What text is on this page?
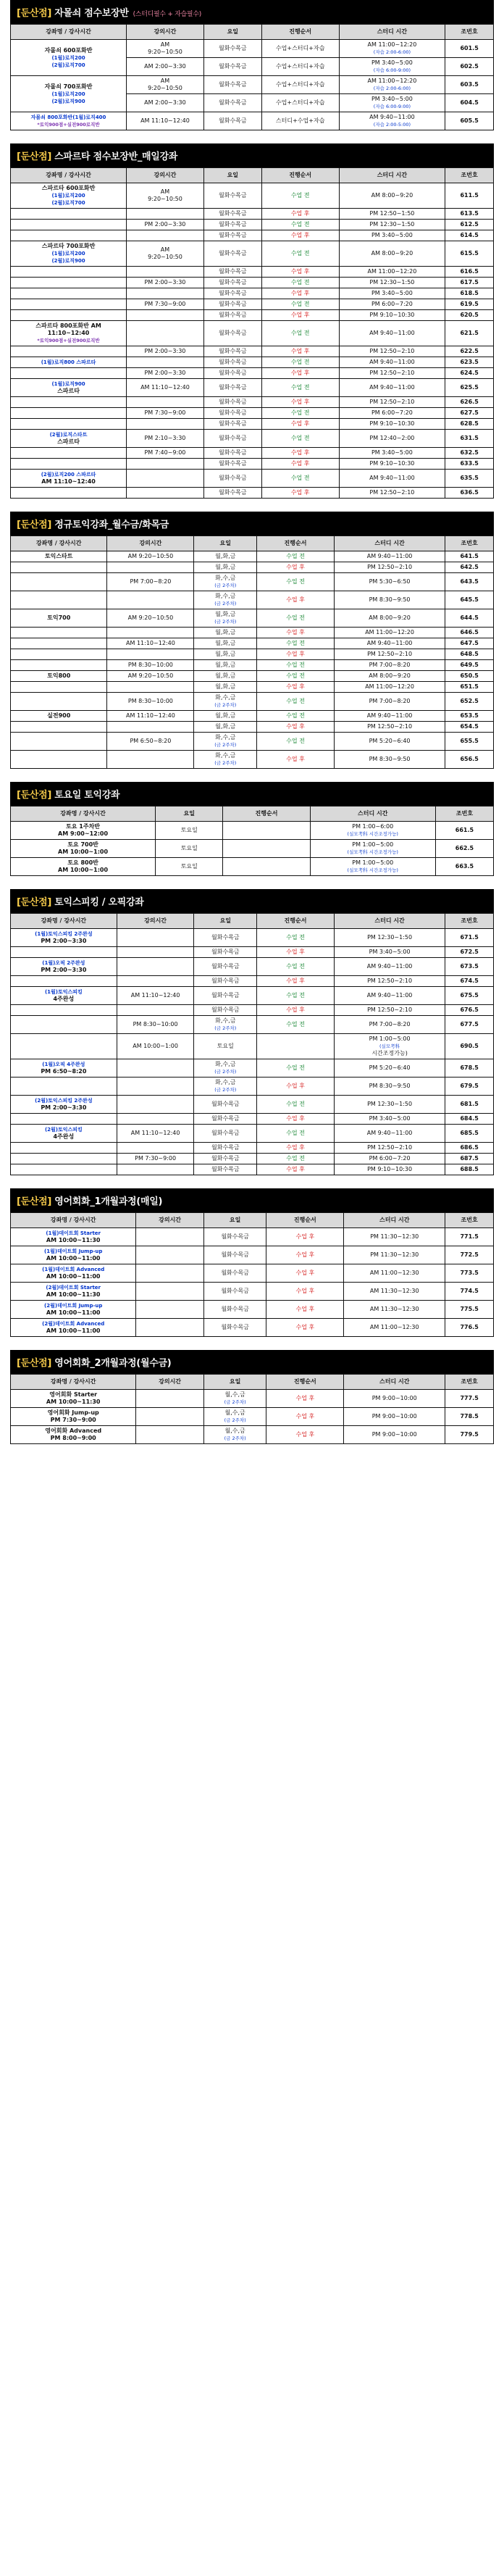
[둔산점] 자몰쇠 점수보장반 (스터디필수 + 자습필수)
강좌명 / 강사시간	강의시간	요일	진행순서	스터디 시간	조번호
자몰쇠 600포화반
(1월)로직200
(2월)로직700	AM
9:20~10:50	월화수목금	수업+스터디+자습	AM 11:00~12:20
(자습 2:00-6:00)	601.5
	AM 2:00~3:30	월화수목금	수업+스터디+자습	PM 3:40~5:00
(자습 6:00-9:00)	602.5
자몰쇠 700포화반
(1월)로직200
(2월)로직900	AM
9:20~10:50	월화수목금	수업+스터디+자습	AM 11:00~12:20
(자습 2:00-6:00)	603.5
	AM 2:00~3:30	월화수목금	수업+스터디+자습	PM 3:40~5:00
(자습 6:00-9:00)	604.5
자몰쇠 800포화반(1월)로직400
*토익900점+실전900로직반	AM 11:10~12:40	월화수목금	스터디+수업+자습	AM 9:40~11:00
(자습 2:00-5:00)	605.5
[둔산점] 스파르타 점수보장반_매일강좌
강좌명 / 강사시간	강의시간	요일	진행순서	스터디 시간	조번호
스파르타 600포화반
(1월)로직200
(2월)로직700	AM
9:20~10:50	월화수목금	수업 전	AM 8:00~9:20	611.5
		월화수목금	수업 후	PM 12:50~1:50	613.5
	PM 2:00~3:30	월화수목금	수업 전	PM 12:30~1:50	612.5
		월화수목금	수업 후	PM 3:40~5:00	614.5
스파르타 700포화반
(1월)로직200
(2월)로직900	AM
9:20~10:50	월화수목금	수업 전	AM 8:00~9:20	615.5
		월화수목금	수업 후	AM 11:00~12:20	616.5
	PM 2:00~3:30	월화수목금	수업 전	PM 12:30~1:50	617.5
		월화수목금	수업 후	PM 3:40~5:00	618.5
	PM 7:30~9:00	월화수목금	수업 전	PM 6:00~7:20	619.5
		월화수목금	수업 후	PM 9:10~10:30	620.5
스파르타 800포화반 AM
11:10~12:40
*토익900점+실전900로직반		월화수목금	수업 전	AM 9:40~11:00	621.5
	PM 2:00~3:30	월화수목금	수업 후	PM 12:50~2:10	622.5
(1월)로직800 스파르타		월화수목금	수업 전	AM 9:40~11:00	623.5
	PM 2:00~3:30	월화수목금	수업 후	PM 12:50~2:10	624.5
(1월)로직900
스파르타	AM 11:10~12:40	월화수목금	수업 전	AM 9:40~11:00	625.5
		월화수목금	수업 후	PM 12:50~2:10	626.5
	PM 7:30~9:00	월화수목금	수업 전	PM 6:00~7:20	627.5
		월화수목금	수업 후	PM 9:10~10:30	628.5
(2월)로직스타트
스파르타	PM 2:10~3:30	월화수목금	수업 전	PM 12:40~2:00	631.5
	PM 7:40~9:00	월화수목금	수업 후	PM 3:40~5:00	632.5
		월화수목금	수업 후	PM 9:10~10:30	633.5
(2월)로직200 스파르타
AM 11:10~12:40		월화수목금	수업 전	AM 9:40~11:00	635.5
		월화수목금	수업 후	PM 12:50~2:10	636.5
[둔산점] 정규토익강좌_월수금/화목금
강좌명 / 강사시간	강의시간	요일	진행순서	스터디 시간	조번호
토익스타트	AM 9:20~10:50	월,화,금	수업 전	AM 9:40~11:00	641.5
		월,화,금	수업 후	PM 12:50~2:10	642.5
	PM 7:00~8:20	화,수,금
(금 2주차)	수업 전	PM 5:30~6:50	643.5
		화,수,금
(금 2주차)	수업 후	PM 8:30~9:50	645.5
토익700	AM 9:20~10:50	월,화,금
(금 2주차)	수업 전	AM 8:00~9:20	644.5
		월,화,금	수업 후	AM 11:00~12:20	646.5
	AM 11:10~12:40	월,화,금	수업 전	AM 9:40~11:00	647.5
		월,화,금	수업 후	PM 12:50~2:10	648.5
	PM 8:30~10:00	월,화,금	수업 전	PM 7:00~8:20	649.5
토익800	AM 9:20~10:50	월,화,금	수업 전	AM 8:00~9:20	650.5
		월,화,금	수업 후	AM 11:00~12:20	651.5
	PM 8:30~10:00	화,수,금
(금 2주차)	수업 전	PM 7:00~8:20	652.5
실전900	AM 11:10~12:40	월,화,금	수업 전	AM 9:40~11:00	653.5
		월,화,금	수업 후	PM 12:50~2:10	654.5
	PM 6:50~8:20	화,수,금
(금 2주차)	수업 전	PM 5:20~6:40	655.5
		화,수,금
(금 2주차)	수업 후	PM 8:30~9:50	656.5
[둔산점] 토요일 토익강좌
강좌명 / 강사시간	요일	진행순서	스터디 시간	조번호
토요 1주차반
AM 9:00~12:00	토요일		PM 1:00~6:00
(실모考科 시간조정가능)	661.5
토요 700반
AM 10:00~1:00	토요일		PM 1:00~5:00
(실모考科 시간조정가능)	662.5
토요 800반
AM 10:00~1:00	토요일		PM 1:00~5:00
(실모考科 시간조정가능)	663.5
[둔산점] 토익스피킹 / 오픽강좌
강좌명 / 강사시간	강의시간	요일	진행순서	스터디 시간	조번호
(1월)토익스피킹 2주완성
PM 2:00~3:30		월화수목금	수업 전	PM 12:30~1:50	671.5
		월화수목금	수업 후	PM 3:40~5:00	672.5
(1월)오픽 2주완성
PM 2:00~3:30		월화수목금	수업 전	AM 9:40~11:00	673.5
		월화수목금	수업 후	PM 12:50~2:10	674.5
(1월)토익스피킹
4주완성	AM 11:10~12:40	월화수목금	수업 전	AM 9:40~11:00	675.5
		월화수목금	수업 후	PM 12:50~2:10	676.5
	PM 8:30~10:00	화,수,금
(금 2주차)	수업 전	PM 7:00~8:20	677.5
	AM 10:00~1:00	토요일		PM 1:00~5:00
(실모考科
시간조정가능)	690.5
(1월)오픽 4주완성
PM 6:50~8:20		화,수,금
(금 2주차)	수업 전	PM 5:20~6:40	678.5
		화,수,금
(금 2주차)	수업 후	PM 8:30~9:50	679.5
(2월)토익스피킹 2주완성
PM 2:00~3:30		월화수목금	수업 전	PM 12:30~1:50	681.5
		월화수목금	수업 후	PM 3:40~5:00	684.5
(2월)토익스피킹
4주완성	AM 11:10~12:40	월화수목금	수업 전	AM 9:40~11:00	685.5
		월화수목금	수업 후	PM 12:50~2:10	686.5
	PM 7:30~9:00	월화수목금	수업 전	PM 6:00~7:20	687.5
		월화수목금	수업 후	PM 9:10~10:30	688.5
[둔산점] 영어회화_1개월과정(매일)
강좌명 / 강사시간	강의시간	요일	진행순서	스터디 시간	조번호
(1월)데이트회 Starter
AM 10:00~11:30		월화수목금	수업 후	PM 11:30~12:30	771.5
(1월)데이트회 Jump-up
AM 10:00~11:00		월화수목금	수업 후	PM 11:30~12:30	772.5
(1월)데이트회 Advanced
AM 10:00~11:00		월화수목금	수업 후	AM 11:00~12:30	773.5
(2월)데이트회 Starter
AM 10:00~11:30		월화수목금	수업 후	AM 11:30~12:30	774.5
(2월)데이트회 Jump-up
AM 10:00~11:00		월화수목금	수업 후	AM 11:30~12:30	775.5
(2월)데이트회 Advanced
AM 10:00~11:00		월화수목금	수업 후	AM 11:00~12:30	776.5
[둔산점] 영어회화_2개월과정(월수금)
강좌명 / 강사시간	강의시간	요일	진행순서	스터디 시간	조번호
영어회화 Starter
AM 10:00~11:30		월,수,금
(금 2주차)	수업 후	PM 9:00~10:00	777.5
영어회화 Jump-up
PM 7:30~9:00		월,수,금
(금 2주차)	수업 후	PM 9:00~10:00	778.5
영어회화 Advanced
PM 8:00~9:00		월,수,금
(금 2주차)	수업 후	PM 9:00~10:00	779.5
